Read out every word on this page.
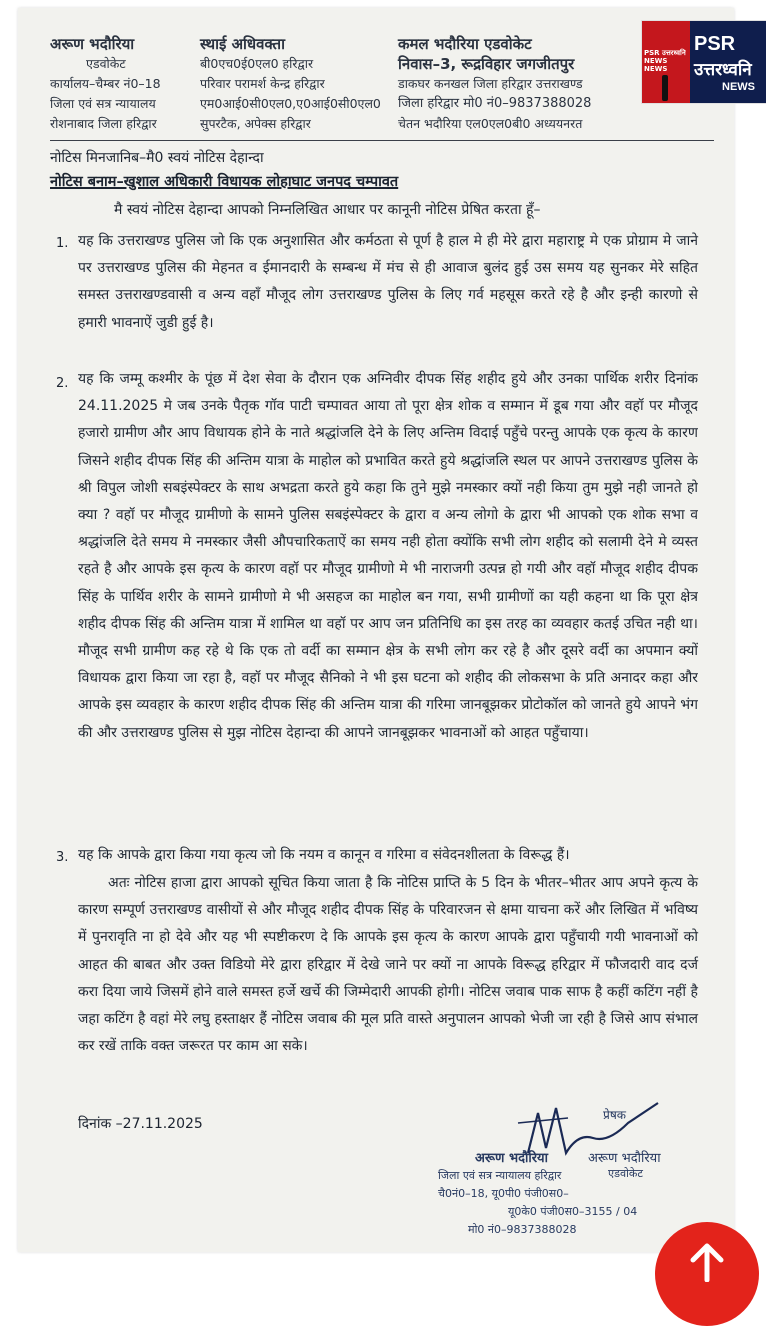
अरूण भदौरिया
एडवोकेट
कार्यालय–चैम्बर नं0–18
जिला एवं सत्र न्यायालय
रोशनाबाद जिला हरिद्वार
स्थाई अधिवक्ता
बी0एच0ई0एल0 हरिद्वार
परिवार परामर्श केन्द्र हरिद्वार
एम0आई0सी0एल0,ए0आई0सी0एल0
सुपरटैक, अपेक्स हरिद्वार
कमल भदौरिया एडवोकेट
निवास–3, रूद्रविहार जगजीतपुर
डाकघर कनखल जिला हरिद्वार उत्तराखण्ड
जिला हरिद्वार मो0 नं0–9837388028
चेतन भदौरिया एल0एल0बी0 अध्ययनरत
नोटिस मिनजानिब–मै0 स्वयं नोटिस देहान्दा
नोटिस बनाम–खुशाल अधिकारी विधायक लोहाघाट जनपद चम्पावत
मै स्वयं नोटिस देहान्दा आपको निम्नलिखित आधार पर कानूनी नोटिस प्रेषित करता हूँ–
1. यह कि उत्तराखण्ड पुलिस जो कि एक अनुशासित और कर्मठता से पूर्ण है हाल मे ही मेरे द्वारा महाराष्ट्र मे एक प्रोग्राम मे जाने पर उत्तराखण्ड पुलिस की मेहनत व ईमानदारी के सम्बन्ध में मंच से ही आवाज बुलंद हुई उस समय यह सुनकर मेरे सहित समस्त उत्तराखण्डवासी व अन्य वहाँ मौजूद लोग उत्तराखण्ड पुलिस के लिए गर्व महसूस करते रहे है और इन्ही कारणो से हमारी भावनाऐं जुडी हुई है।
2. यह कि जम्मू कश्मीर के पूंछ में देश सेवा के दौरान एक अग्निवीर दीपक सिंह शहीद हुये और उनका पार्थिक शरीर दिनांक 24.11.2025 मे जब उनके पैतृक गॉव पाटी चम्पावत आया तो पूरा क्षेत्र शोक व सम्मान में डूब गया और वहॉ पर मौजूद हजारो ग्रामीण और आप विधायक होने के नाते श्रद्धांजलि देने के लिए अन्तिम विदाई पहुँचे परन्तु आपके एक कृत्य के कारण जिसने शहीद दीपक सिंह की अन्तिम यात्रा के माहोल को प्रभावित करते हुये श्रद्धांजलि स्थल पर आपने उत्तराखण्ड पुलिस के श्री विपुल जोशी सबइंस्पेक्टर के साथ अभद्रता करते हुये कहा कि तुने मुझे नमस्कार क्यों नही किया तुम मुझे नही जानते हो क्या ? वहॉ पर मौजूद ग्रामीणो के सामने पुलिस सबइंस्पेक्टर के द्वारा व अन्य लोगो के द्वारा भी आपको एक शोक सभा व श्रद्धांजलि देते समय मे नमस्कार जैसी औपचारिकताऐं का समय नही होता क्योंकि सभी लोग शहीद को सलामी देने मे व्यस्त रहते है और आपके इस कृत्य के कारण वहॉ पर मौजूद ग्रामीणो मे भी नाराजगी उत्पन्न हो गयी और वहॉ मौजूद शहीद दीपक सिंह के पार्थिव शरीर के सामने ग्रामीणो मे भी असहज का माहोल बन गया, सभी ग्रामीणों का यही कहना था कि पूरा क्षेत्र शहीद दीपक सिंह की अन्तिम यात्रा में शामिल था वहॉ पर आप जन प्रतिनिधि का इस तरह का व्यवहार कतई उचित नही था। मौजूद सभी ग्रामीण कह रहे थे कि एक तो वर्दी का सम्मान क्षेत्र के सभी लोग कर रहे है और दूसरे वर्दी का अपमान क्यों विधायक द्वारा किया जा रहा है, वहॉ पर मौजूद सैनिको ने भी इस घटना को शहीद की लोकसभा के प्रति अनादर कहा और आपके इस व्यवहार के कारण शहीद दीपक सिंह की अन्तिम यात्रा की गरिमा जानबूझकर प्रोटोकॉल को जानते हुये आपने भंग की और उत्तराखण्ड पुलिस से मुझ नोटिस देहान्दा की आपने जानबूझकर भावनाओं को आहत पहुँचाया।
3. यह कि आपके द्वारा किया गया कृत्य जो कि नयम व कानून व गरिमा व संवेदनशीलता के विरूद्ध हैं।
अतः नोटिस हाजा द्वारा आपको सूचित किया जाता है कि नोटिस प्राप्ति के 5 दिन के भीतर–भीतर आप अपने कृत्य के कारण सम्पूर्ण उत्तराखण्ड वासीयों से और मौजूद शहीद दीपक सिंह के परिवारजन से क्षमा याचना करें और लिखित में भविष्य में पुनरावृति ना हो देवे और यह भी स्पष्टीकरण दे कि आपके इस कृत्य के कारण आपके द्वारा पहुँचायी गयी भावनाओं को आहत की बाबत और उक्त विडियो मेरे द्वारा हरिद्वार में देखे जाने पर क्यों ना आपके विरूद्ध हरिद्वार में फौजदारी वाद दर्ज करा दिया जाये जिसमें होने वाले समस्त हर्जे खर्चे की जिम्मेदारी आपकी होगी। नोटिस जवाब पाक साफ है कहीं कटिंग नहीं है जहा कटिंग है वहां मेरे लघु हस्ताक्षर हैं नोटिस जवाब की मूल प्रति वास्ते अनुपालन आपको भेजी जा रही है जिसे आप संभाल कर रखें ताकि वक्त जरूरत पर काम आ सके।
दिनांक –27.11.2025
प्रेषक
अरूण भदौरिया	अरूण भदौरिया
एडवोकेट
जिला एवं सत्र न्यायालय हरिद्वार
चै0नं0–18, यू0पी0 पंजी0स0–
यू0के0 पंजी0स0–3155 / 04
मो0 नं0–9837388028
PSR उत्तरध्वनि NEWS NEWS
PSR
उत्तरध्वनि
NEWS
